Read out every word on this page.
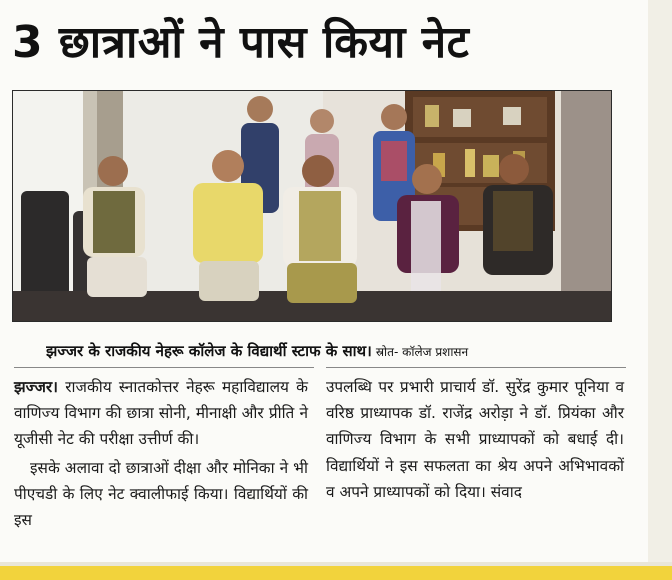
3 छात्राओं ने पास किया नेट
झज्जर के राजकीय नेहरू कॉलेज के विद्यार्थी स्टाफ के साथ। स्रोत- कॉलेज प्रशासन

झज्जर। राजकीय स्नातकोत्तर नेहरू महाविद्यालय के वाणिज्य विभाग की छात्रा सोनी, मीनाक्षी और प्रीति ने यूजीसी नेट की परीक्षा उत्तीर्ण की।

इसके अलावा दो छात्राओं दीक्षा और मोनिका ने भी पीएचडी के लिए नेट क्वालीफाई किया। विद्यार्थियों की इस

उपलब्धि पर प्रभारी प्राचार्य डॉ. सुरेंद्र कुमार पूनिया व वरिष्ठ प्राध्यापक डॉ. राजेंद्र अरोड़ा ने डॉ. प्रियंका और वाणिज्य विभाग के सभी प्राध्यापकों को बधाई दी। विद्यार्थियों ने इस सफलता का श्रेय अपने अभिभावकों व अपने प्राध्यापकों को दिया। संवाद
